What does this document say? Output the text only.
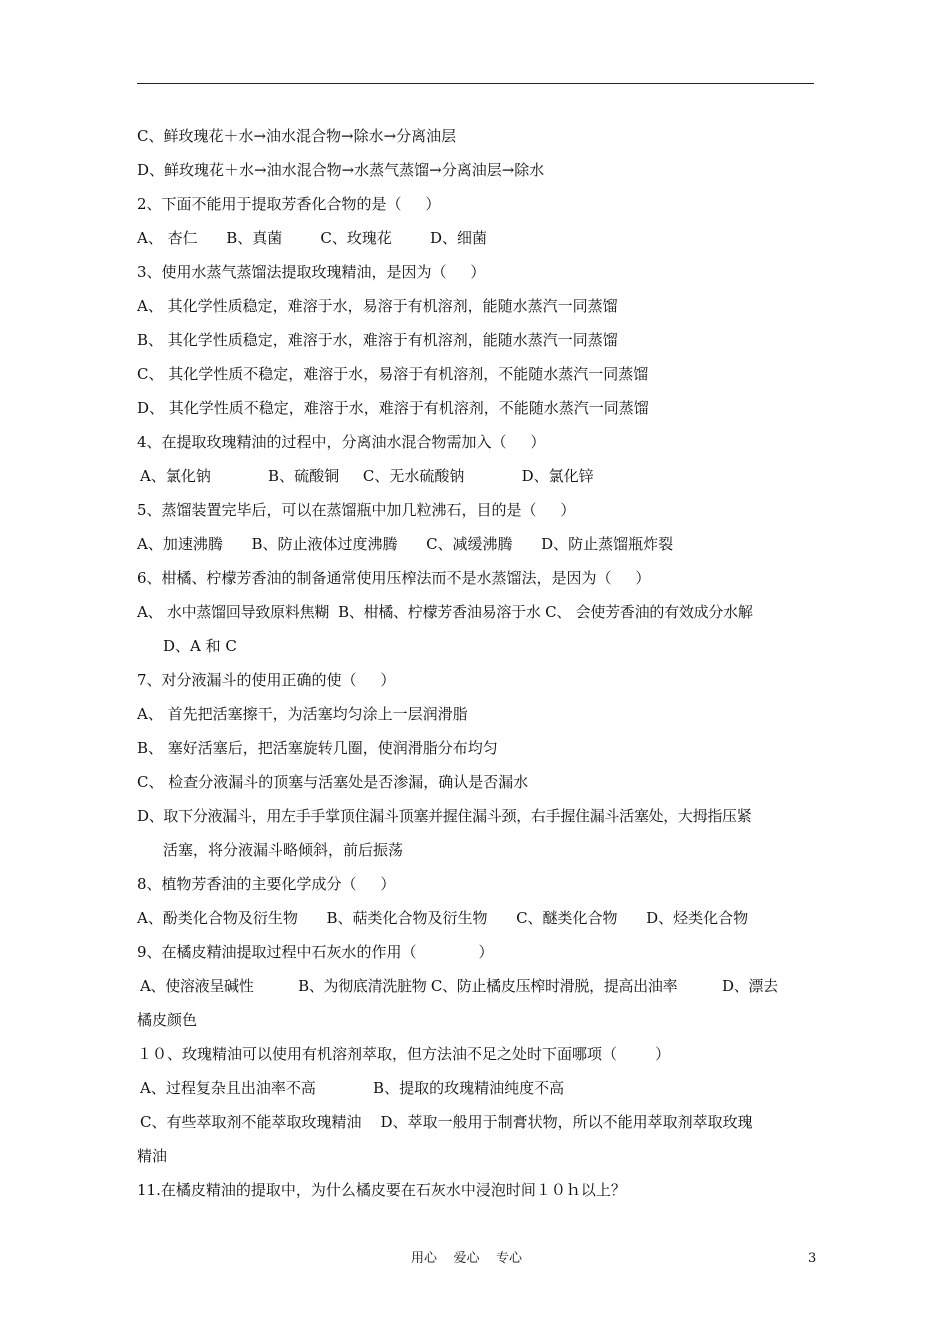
C、鲜玫瑰花＋水→油水混合物→除水→分离油层
D、鲜玫瑰花＋水→油水混合物→水蒸气蒸馏→分离油层→除水
2、下面不能用于提取芳香化合物的是（     ）
A、 杏仁      B、真菌        C、玫瑰花        D、细菌
3、使用水蒸气蒸馏法提取玫瑰精油，是因为（     ）
A、 其化学性质稳定，难溶于水，易溶于有机溶剂，能随水蒸汽一同蒸馏
B、 其化学性质稳定，难溶于水，难溶于有机溶剂，能随水蒸汽一同蒸馏
C、 其化学性质不稳定，难溶于水，易溶于有机溶剂，不能随水蒸汽一同蒸馏
D、 其化学性质不稳定，难溶于水，难溶于有机溶剂，不能随水蒸汽一同蒸馏
4、在提取玫瑰精油的过程中，分离油水混合物需加入（     ）
A、氯化钠            B、硫酸铜     C、无水硫酸钠            D、氯化锌
5、蒸馏装置完毕后，可以在蒸馏瓶中加几粒沸石，目的是（     ）
A、加速沸腾      B、防止液体过度沸腾      C、减缓沸腾      D、防止蒸馏瓶炸裂
6、柑橘、柠檬芳香油的制备通常使用压榨法而不是水蒸馏法，是因为（     ）
A、 水中蒸馏回导致原料焦糊  B、柑橘、柠檬芳香油易溶于水 C、 会使芳香油的有效成分水解
D、A 和 C
7、对分液漏斗的使用正确的使（     ）
A、 首先把活塞擦干，为活塞均匀涂上一层润滑脂
B、 塞好活塞后，把活塞旋转几圈，使润滑脂分布均匀
C、 检查分液漏斗的顶塞与活塞处是否渗漏，确认是否漏水
D、取下分液漏斗，用左手手掌顶住漏斗顶塞并握住漏斗颈，右手握住漏斗活塞处，大拇指压紧
活塞，将分液漏斗略倾斜，前后振荡
8、植物芳香油的主要化学成分（     ）
A、酚类化合物及衍生物      B、萜类化合物及衍生物      C、醚类化合物      D、烃类化合物
9、在橘皮精油提取过程中石灰水的作用（             ）
A、使溶液呈碱性          B、为彻底清洗脏物 C、防止橘皮压榨时滑脱，提高出油率          D、漂去
橘皮颜色
１０、玫瑰精油可以使用有机溶剂萃取，但方法油不足之处时下面哪项（        ）
A、过程复杂且出油率不高            B、提取的玫瑰精油纯度不高
C、有些萃取剂不能萃取玫瑰精油    D、萃取一般用于制膏状物，所以不能用萃取剂萃取玫瑰
精油
11.在橘皮精油的提取中，为什么橘皮要在石灰水中浸泡时间１０ｈ以上？
用心    爱心    专心	3
